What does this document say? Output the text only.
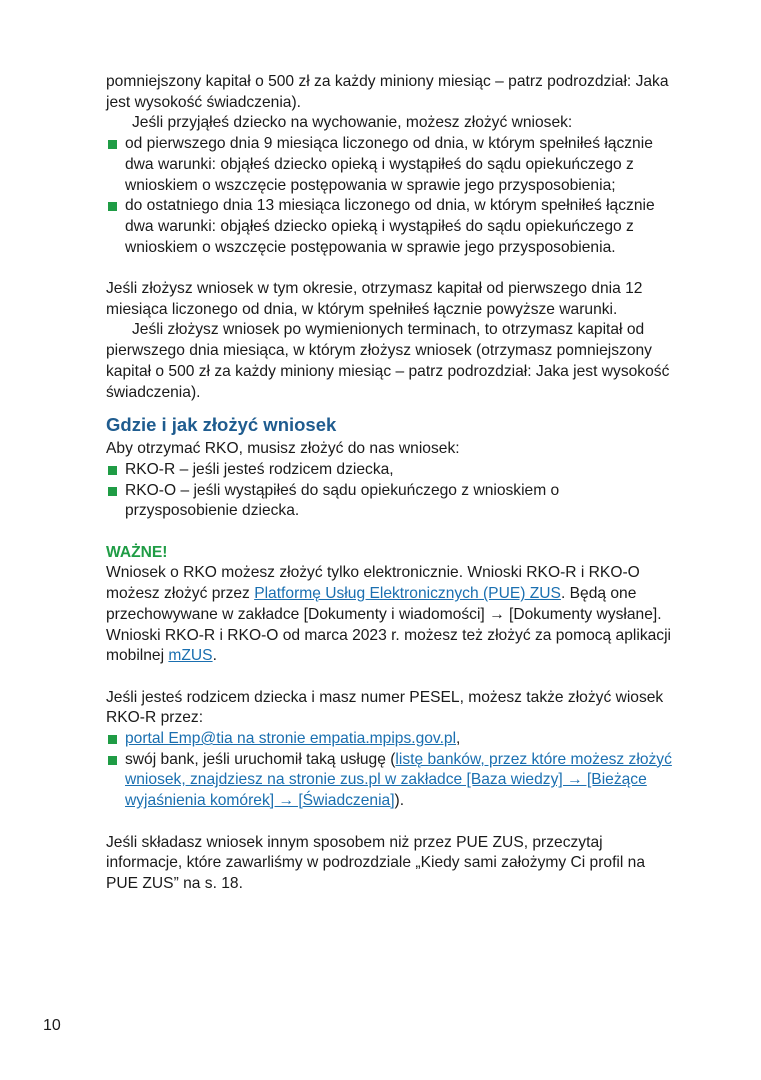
pomniejszony kapitał o 500 zł za każdy miniony miesiąc – patrz podrozdział: Jaka jest wysokość świadczenia).

Jeśli przyjąłeś dziecko na wychowanie, możesz złożyć wniosek:

od pierwszego dnia 9 miesiąca liczonego od dnia, w którym spełniłeś łącznie dwa warunki: objąłeś dziecko opieką i wystąpiłeś do sądu opiekuńczego z wnioskiem o wszczęcie postępowania w sprawie jego przysposobienia;
do ostatniego dnia 13 miesiąca liczonego od dnia, w którym spełniłeś łącznie dwa warunki: objąłeś dziecko opieką i wystąpiłeś do sądu opiekuńczego z wnioskiem o wszczęcie postępowania w sprawie jego przysposobienia.

Jeśli złożysz wniosek w tym okresie, otrzymasz kapitał od pierwszego dnia 12 miesiąca liczonego od dnia, w którym spełniłeś łącznie powyższe warunki.

Jeśli złożysz wniosek po wymienionych terminach, to otrzymasz kapitał od pierwszego dnia miesiąca, w którym złożysz wniosek (otrzymasz pomniejszony kapitał o 500 zł za każdy miniony miesiąc – patrz podrozdział: Jaka jest wysokość świadczenia).

Gdzie i jak złożyć wniosek

Aby otrzymać RKO, musisz złożyć do nas wniosek:

RKO-R – jeśli jesteś rodzicem dziecka,
RKO-O – jeśli wystąpiłeś do sądu opiekuńczego z wnioskiem o przysposobienie dziecka.

WAŻNE!

Wniosek o RKO możesz złożyć tylko elektronicznie. Wnioski RKO-R i RKO-O możesz złożyć przez Platformę Usług Elektronicznych (PUE) ZUS. Będą one przechowywane w zakładce [Dokumenty i wiadomości] → [Dokumenty wysłane]. Wnioski RKO-R i RKO-O od marca 2023 r. możesz też złożyć za pomocą aplikacji mobilnej mZUS.

Jeśli jesteś rodzicem dziecka i masz numer PESEL, możesz także złożyć wiosek RKO-R przez:

portal Emp@tia na stronie empatia.mpips.gov.pl,
swój bank, jeśli uruchomił taką usługę (listę banków, przez które możesz złożyć wniosek, znajdziesz na stronie zus.pl w zakładce [Baza wiedzy] → [Bieżące wyjaśnienia komórek] → [Świadczenia]).

Jeśli składasz wniosek innym sposobem niż przez PUE ZUS, przeczytaj informacje, które zawarliśmy w podrozdziale „Kiedy sami założymy Ci profil na PUE ZUS” na s. 18.

10
